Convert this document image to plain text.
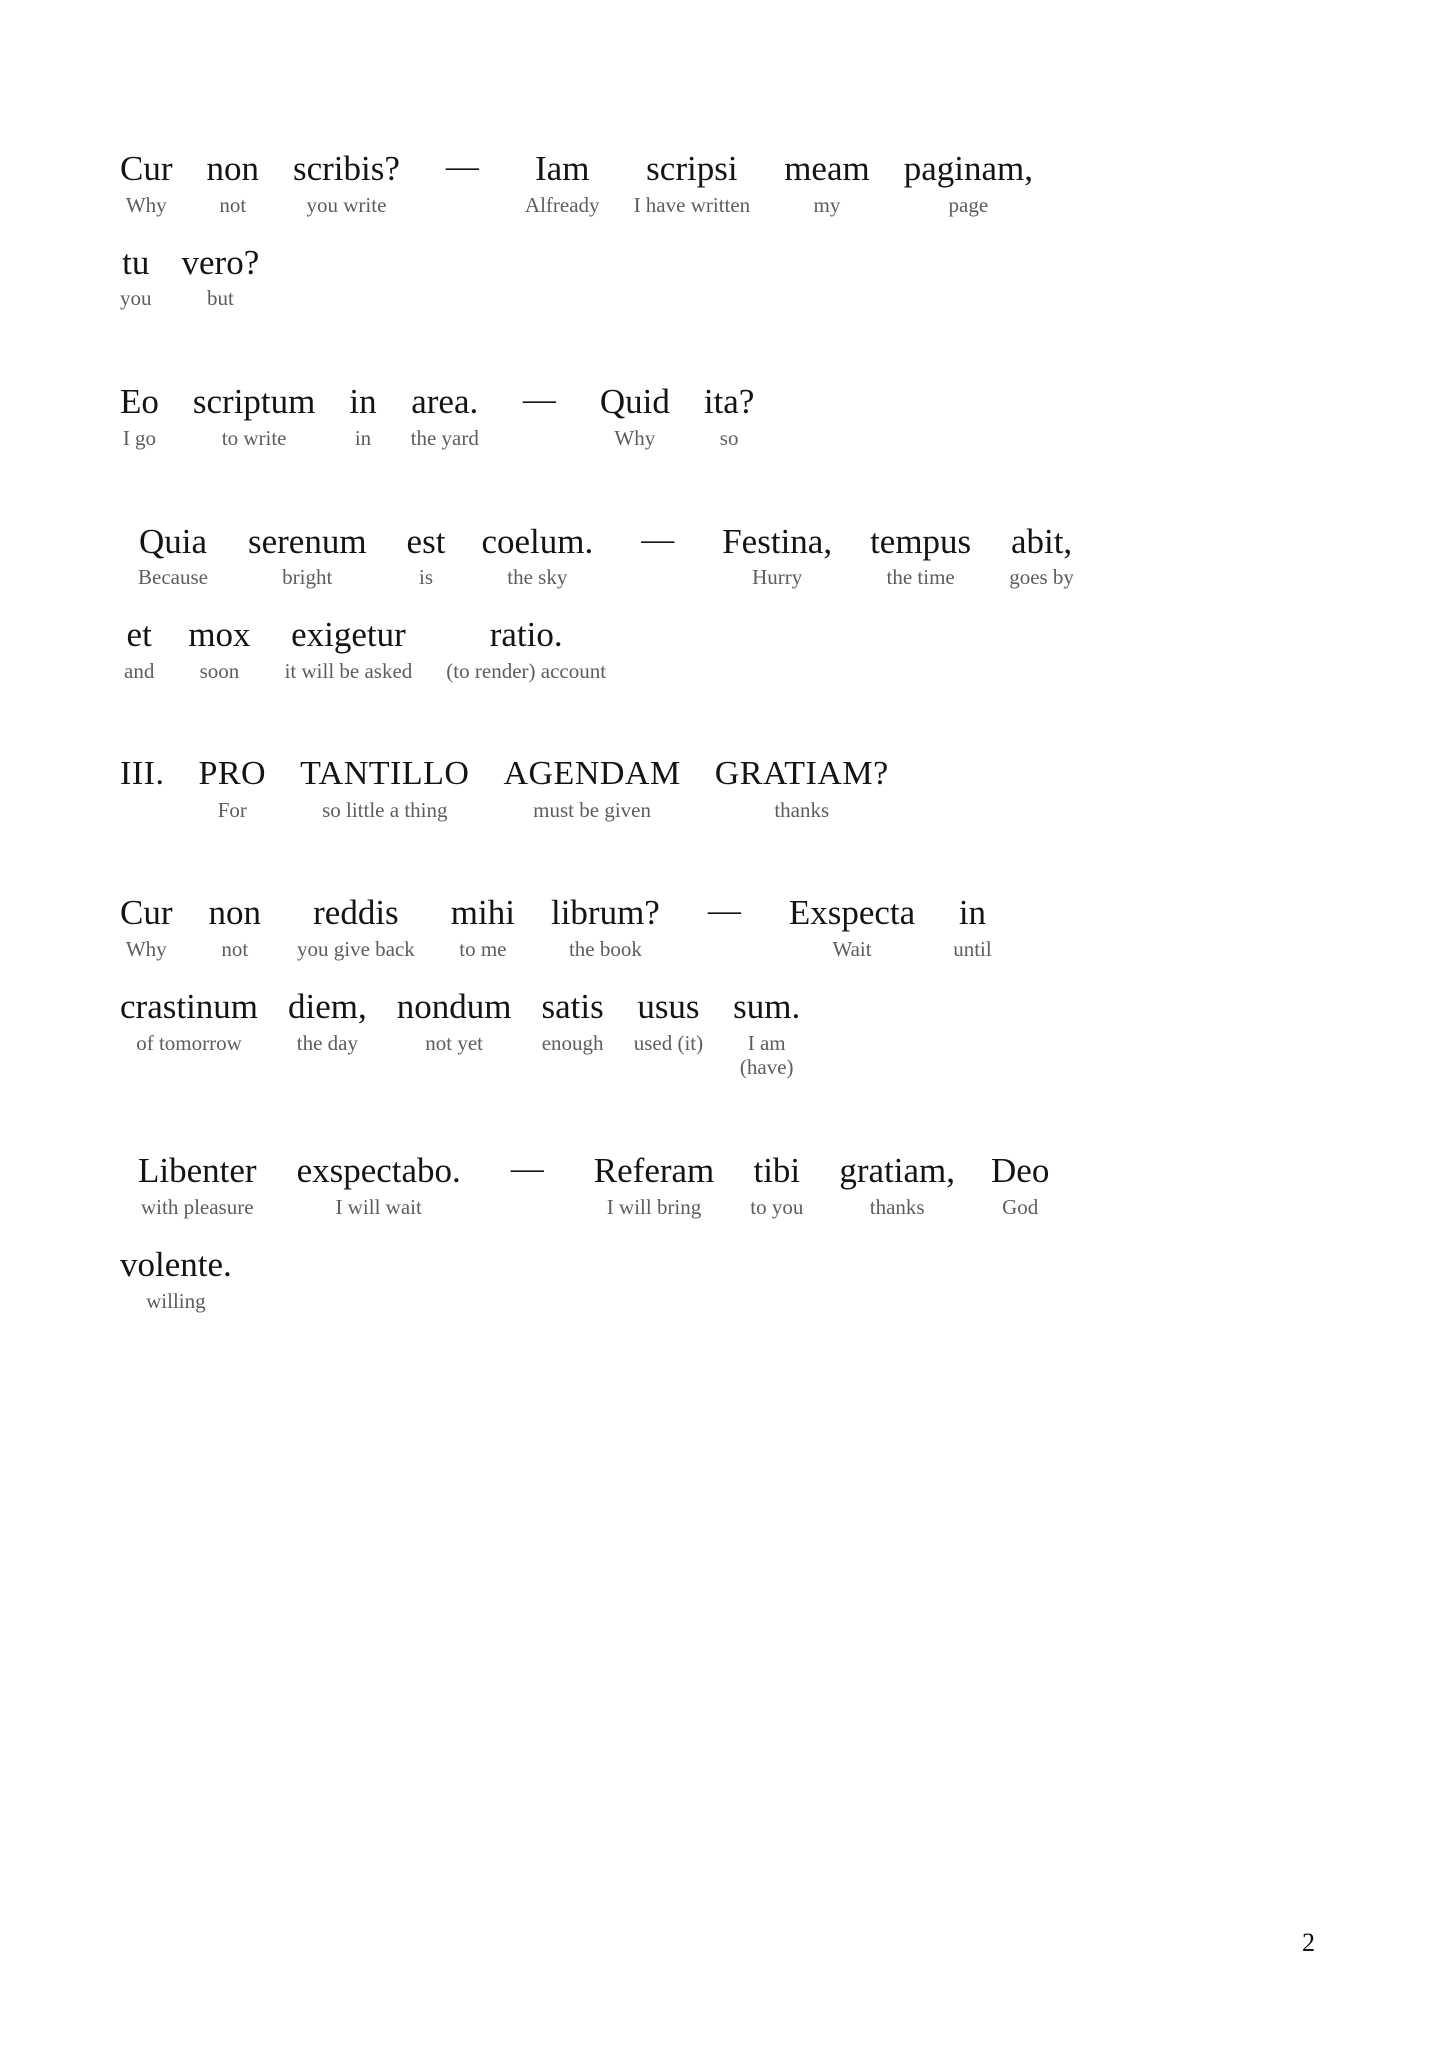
Cur
Why
non
not
scribis?
you write
— Iam
Alfready
scripsi
I have written
meam
my
paginam,
page
tu
you
vero?
but
Eo
I go
scriptum
to write
in
in
area.
the yard
— Quid
Why
ita?
so
Quia
Because
serenum
bright
est
is
coelum.
the sky
— Festina,
Hurry
tempus
the time
abit,
goes by
et
and
mox
soon
exigetur
it will be asked
ratio.
(to render) account
III. PRO
For
TANTILLO
so little a thing
AGENDAM
must be given
GRATIAM?
thanks
Cur
Why
non
not
reddis
you give back
mihi
to me
librum?
the book
— Exspecta
Wait
in
until
crastinum
of tomorrow
diem,
the day
nondum
not yet
satis
enough
usus
used (it)
sum.
I am
(have)
Libenter
with pleasure
exspectabo.
I will wait
— Referam
I will bring
tibi
to you
gratiam,
thanks
Deo
God
volente.
willing
2
